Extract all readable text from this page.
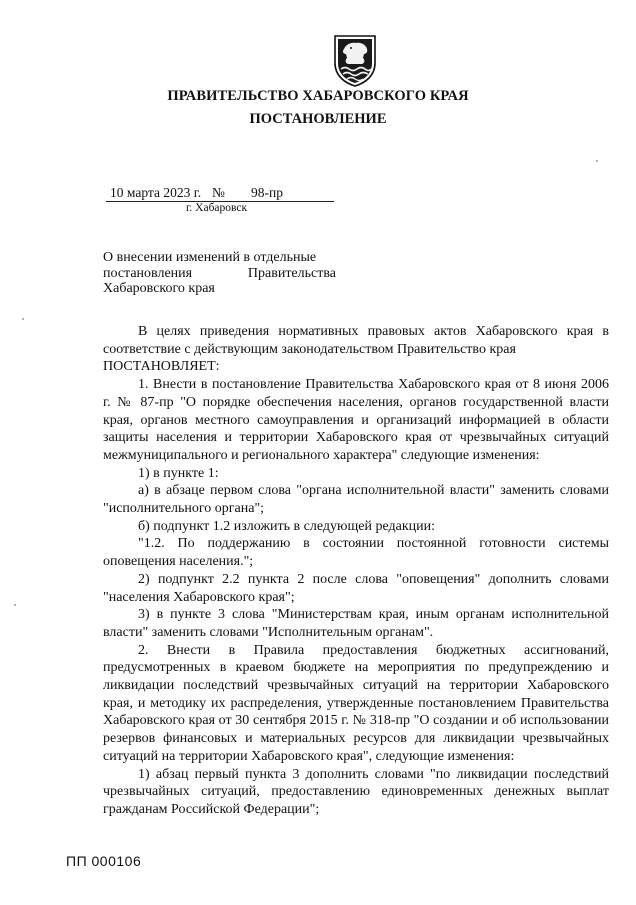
ПРАВИТЕЛЬСТВО ХАБАРОВСКОГО КРАЯ
ПОСТАНОВЛЕНИЕ
10 марта 2023 г. № 98-пр
г. Хабаровск
О внесении изменений в отдельные
постановления	Правительства
Хабаровского края

В целях приведения нормативных правовых актов Хабаровского края в соответствие с действующим законодательством Правительство края

ПОСТАНОВЛЯЕТ:

1. Внести в постановление Правительства Хабаровского края от 8 июня 2006 г. № 87-пр "О порядке обеспечения населения, органов государственной власти края, органов местного самоуправления и организаций информацией в области защиты населения и территории Хабаровского края от чрезвычайных ситуаций межмуниципального и регионального характера" следующие изменения:

1) в пункте 1:

а) в абзаце первом слова "органа исполнительной власти" заменить словами "исполнительного органа";

б) подпункт 1.2 изложить в следующей редакции:

"1.2. По поддержанию в состоянии постоянной готовности системы оповещения населения.";

2) подпункт 2.2 пункта 2 после слова "оповещения" дополнить словами "населения Хабаровского края";

3) в пункте 3 слова "Министерствам края, иным органам исполнительной власти" заменить словами "Исполнительным органам".

2. Внести в Правила предоставления бюджетных ассигнований, предусмотренных в краевом бюджете на мероприятия по предупреждению и ликвидации последствий чрезвычайных ситуаций на территории Хабаровского края, и методику их распределения, утвержденные постановлением Правительства Хабаровского края от 30 сентября 2015 г. № 318-пр "О создании и об использовании резервов финансовых и материальных ресурсов для ликвидации чрезвычайных ситуаций на территории Хабаровского края", следующие изменения:

1) абзац первый пункта 3 дополнить словами "по ликвидации последствий чрезвычайных ситуаций, предоставлению единовременных денежных выплат гражданам Российской Федерации";

ПП 000106
